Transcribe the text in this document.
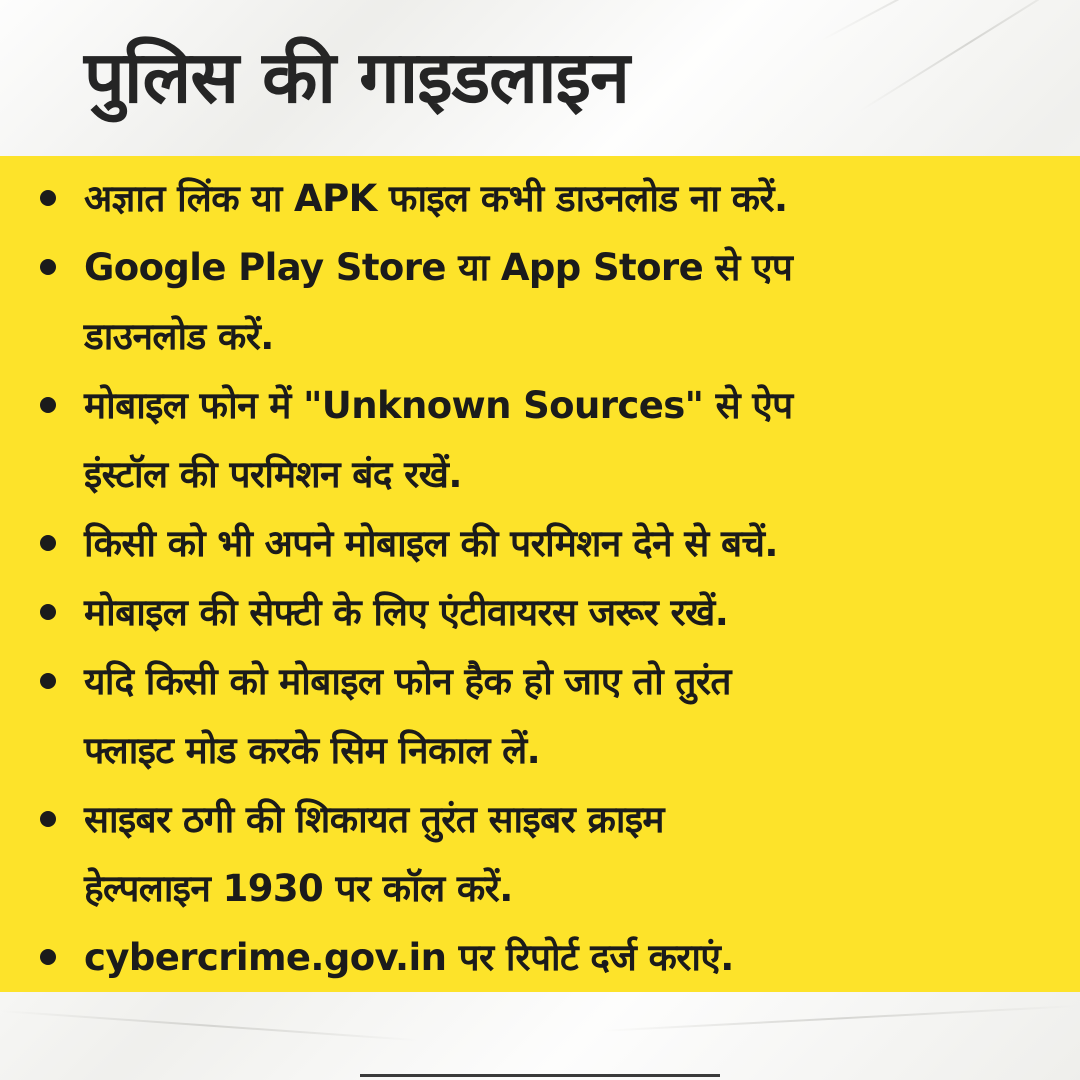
पुलिस की गाइडलाइन
अज्ञात लिंक या APK फाइल कभी डाउनलोड ना करें.
Google Play Store या App Store से एप
डाउनलोड करें.
मोबाइल फोन में "Unknown Sources" से ऐप
इंस्टॉल की परमिशन बंद रखें.
किसी को भी अपने मोबाइल की परमिशन देने से बचें.
मोबाइल की सेफ्टी के लिए एंटीवायरस जरूर रखें.
यदि किसी को मोबाइल फोन हैक हो जाए तो तुरंत
फ्लाइट मोड करके सिम निकाल लें.
साइबर ठगी की शिकायत तुरंत साइबर क्राइम
हेल्पलाइन 1930 पर कॉल करें.
cybercrime.gov.in पर रिपोर्ट दर्ज कराएं.
